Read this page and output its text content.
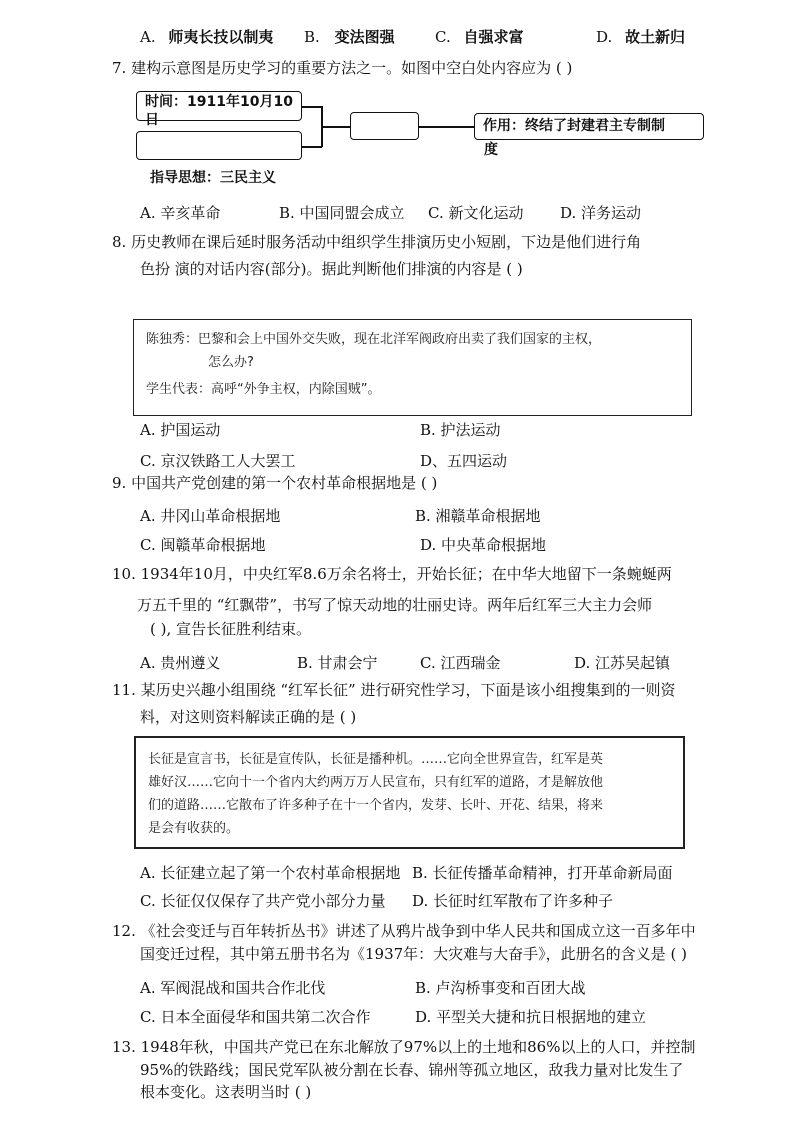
A. 师夷长技以制夷 B. 变法图强	C. 自强求富	D. 故土新归
7. 建构示意图是历史学习的重要方法之一。如图中空白处内容应为 ( )
时间：1911年10月10日	作用：终结了封建君主专制制
度
指导思想：三民主义
A. 辛亥革命	B. 中国同盟会成立 C. 新文化运动 D. 洋务运动
8. 历史教师在课后延时服务活动中组织学生排演历史小短剧，下边是他们进行角
色扮 演的对话内容(部分)。据此判断他们排演的内容是 ( )
陈独秀：巴黎和会上中国外交失败，现在北洋军阀政府出卖了我们国家的主权，
怎么办?
学生代表：高呼“外争主权，内除国贼”。
A. 护国运动	B. 护法运动
C. 京汉铁路工人大罢工	D、五四运动
9. 中国共产党创建的第一个农村革命根据地是 ( )
A. 井冈山革命根据地	B. 湘赣革命根据地
C. 闽赣革命根据地	D. 中央革命根据地
10. 1934年10月，中央红军8.6万余名将士，开始长征；在中华大地留下一条蜿蜒两
万五千里的 “红飘带”，书写了惊天动地的壮丽史诗。两年后红军三大主力会师
( ), 宣告长征胜利结束。
A. 贵州遵义	B. 甘肃会宁	C. 江西瑞金	D. 江苏吴起镇
11. 某历史兴趣小组围绕 “红军长征” 进行研究性学习，下面是该小组搜集到的一则资
料，对这则资料解读正确的是 ( )
长征是宣言书，长征是宣传队，长征是播种机。……它向全世界宣告，红军是英
雄好汉……它向十一个省内大约两万万人民宣布，只有红军的道路，才是解放他
们的道路……它散布了许多种子在十一个省内，发芽、长叶、开花、结果，将来
是会有收获的。
A. 长征建立起了第一个农村革命根据地 B. 长征传播革命精神，打开革命新局面
C. 长征仅仅保存了共产党小部分力量 D. 长征时红军散布了许多种子
12. 《社会变迁与百年转折丛书》讲述了从鸦片战争到中华人民共和国成立这一百多年中
国变迁过程，其中第五册书名为《1937年：大灾难与大奋手》，此册名的含义是 ( )
A. 军阀混战和国共合作北伐	B. 卢沟桥事变和百团大战
C. 日本全面侵华和国共第二次合作	D. 平型关大捷和抗日根据地的建立
13. 1948年秋，中国共产党已在东北解放了97%以上的土地和86%以上的人口，并控制
95%的铁路线；国民党军队被分割在长春、锦州等孤立地区，敌我力量对比发生了
根本变化。这表明当时 ( )
